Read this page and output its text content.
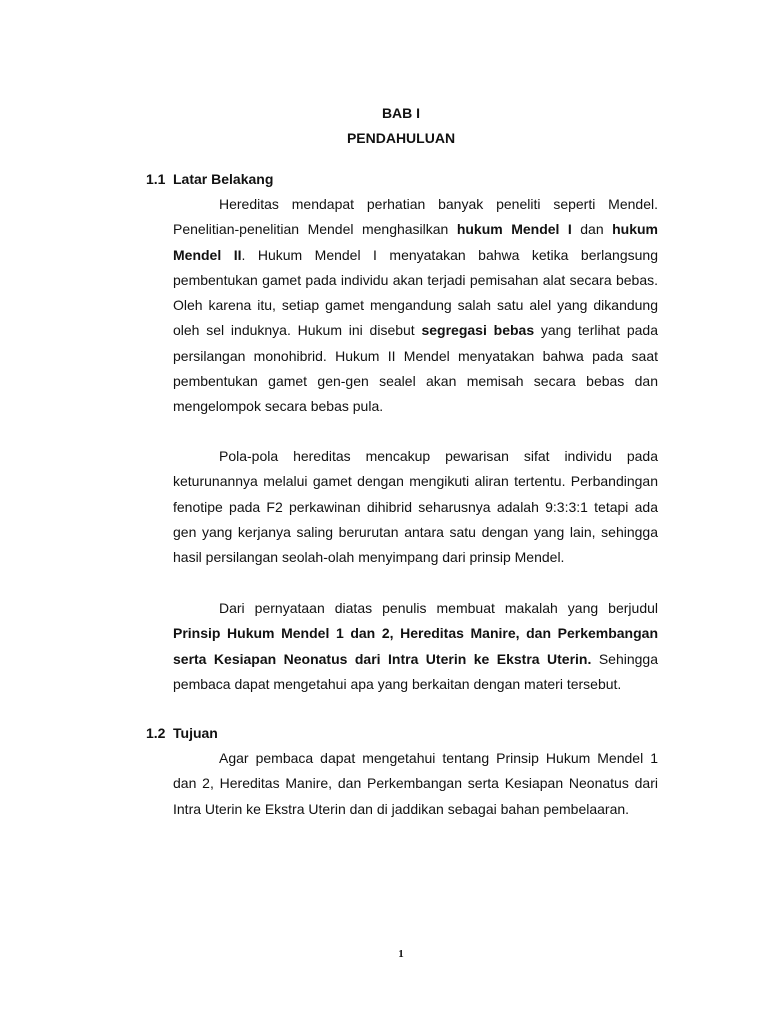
BAB I
PENDAHULUAN
1.1 Latar Belakang

Hereditas mendapat perhatian banyak peneliti seperti Mendel. Penelitian-penelitian Mendel menghasilkan hukum Mendel I dan hukum Mendel II. Hukum Mendel I menyatakan bahwa ketika berlangsung pembentukan gamet pada individu akan terjadi pemisahan alat secara bebas. Oleh karena itu, setiap gamet mengandung salah satu alel yang dikandung oleh sel induknya. Hukum ini disebut segregasi bebas yang terlihat pada persilangan monohibrid. Hukum II Mendel menyatakan bahwa pada saat pembentukan gamet gen-gen sealel akan memisah secara bebas dan mengelompok secara bebas pula.

Pola-pola hereditas mencakup pewarisan sifat individu pada keturunannya melalui gamet dengan mengikuti aliran tertentu. Perbandingan fenotipe pada F2 perkawinan dihibrid seharusnya adalah 9:3:3:1 tetapi ada gen yang kerjanya saling berurutan antara satu dengan yang lain, sehingga hasil persilangan seolah-olah menyimpang dari prinsip Mendel.

Dari pernyataan diatas penulis membuat makalah yang berjudul Prinsip Hukum Mendel 1 dan 2, Hereditas Manire, dan Perkembangan serta Kesiapan Neonatus dari Intra Uterin ke Ekstra Uterin. Sehingga pembaca dapat mengetahui apa yang berkaitan dengan materi tersebut.

1.2 Tujuan

Agar pembaca dapat mengetahui tentang Prinsip Hukum Mendel 1 dan 2, Hereditas Manire, dan Perkembangan serta Kesiapan Neonatus dari Intra Uterin ke Ekstra Uterin dan di jaddikan sebagai bahan pembelaaran.

1
